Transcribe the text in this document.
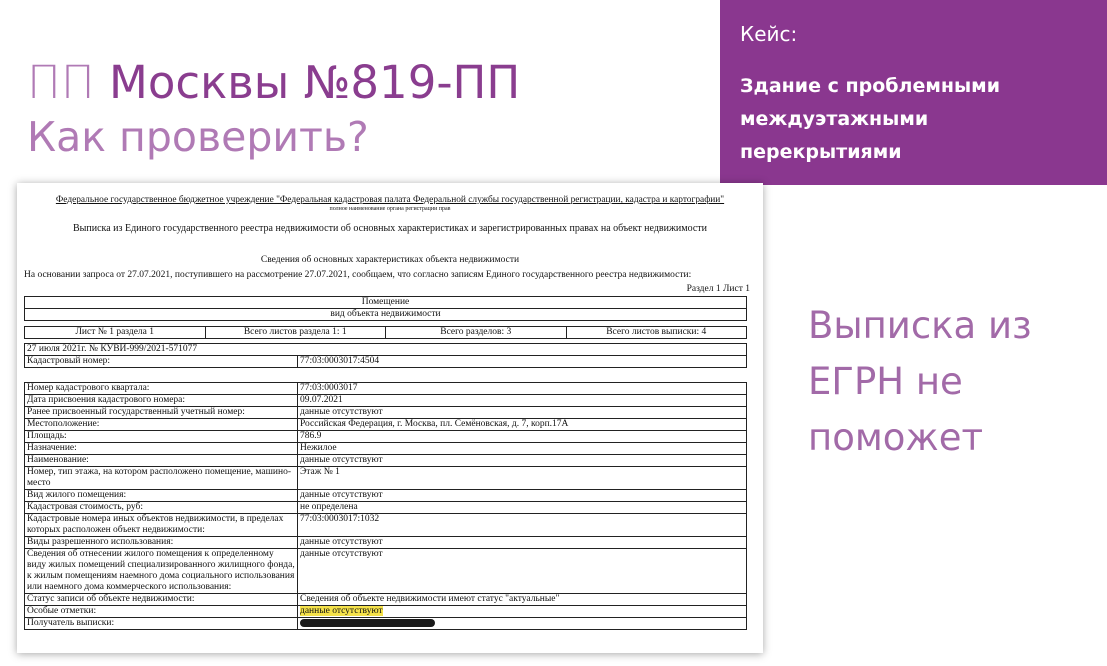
ПП Москвы №819-ПП
Как проверить?
Кейс:
Здание с проблемными
междуэтажными
перекрытиями
Выписка из
ЕГРН не
поможет
Федеральное государственное бюджетное учреждение "Федеральная кадастровая палата Федеральной службы государственной регистрации, кадастра и картографии"
полное наименование органа регистрации прав
Выписка из Единого государственного реестра недвижимости об основных характеристиках и зарегистрированных правах на объект недвижимости
Сведения об основных характеристиках объекта недвижимости
На основании запроса от 27.07.2021, поступившего на рассмотрение 27.07.2021, сообщаем, что согласно записям Единого государственного реестра недвижимости:
Раздел 1 Лист 1
Помещение
вид объекта недвижимости
Лист № 1 раздела 1	Всего листов раздела 1: 1	Всего разделов: 3	Всего листов выписки: 4
27 июля 2021г. № КУВИ-999/2021-571077
Кадастровый номер:	77:03:0003017:4504
Номер кадастрового квартала:	77:03:0003017
Дата присвоения кадастрового номера:	09.07.2021
Ранее присвоенный государственный учетный номер:	данные отсутствуют
Местоположение:	Российская Федерация, г. Москва, пл. Семёновская, д. 7, корп.17А
Площадь:	786.9
Назначение:	Нежилое
Наименование:	данные отсутствуют
Номер, тип этажа, на котором расположено помещение, машино-место	Этаж № 1
Вид жилого помещения:	данные отсутствуют
Кадастровая стоимость, руб:	не определена
Кадастровые номера иных объектов недвижимости, в пределах которых расположен объект недвижимости:	77:03:0003017:1032
Виды разрешенного использования:	данные отсутствуют
Сведения об отнесении жилого помещения к определенному виду жилых помещений специализированного жилищного фонда, к жилым помещениям наемного дома социального использования или наемного дома коммерческого использования:	данные отсутствуют
Статус записи об объекте недвижимости:	Сведения об объекте недвижимости имеют статус "актуальные"
Особые отметки:	данные отсутствуют
Получатель выписки:	
